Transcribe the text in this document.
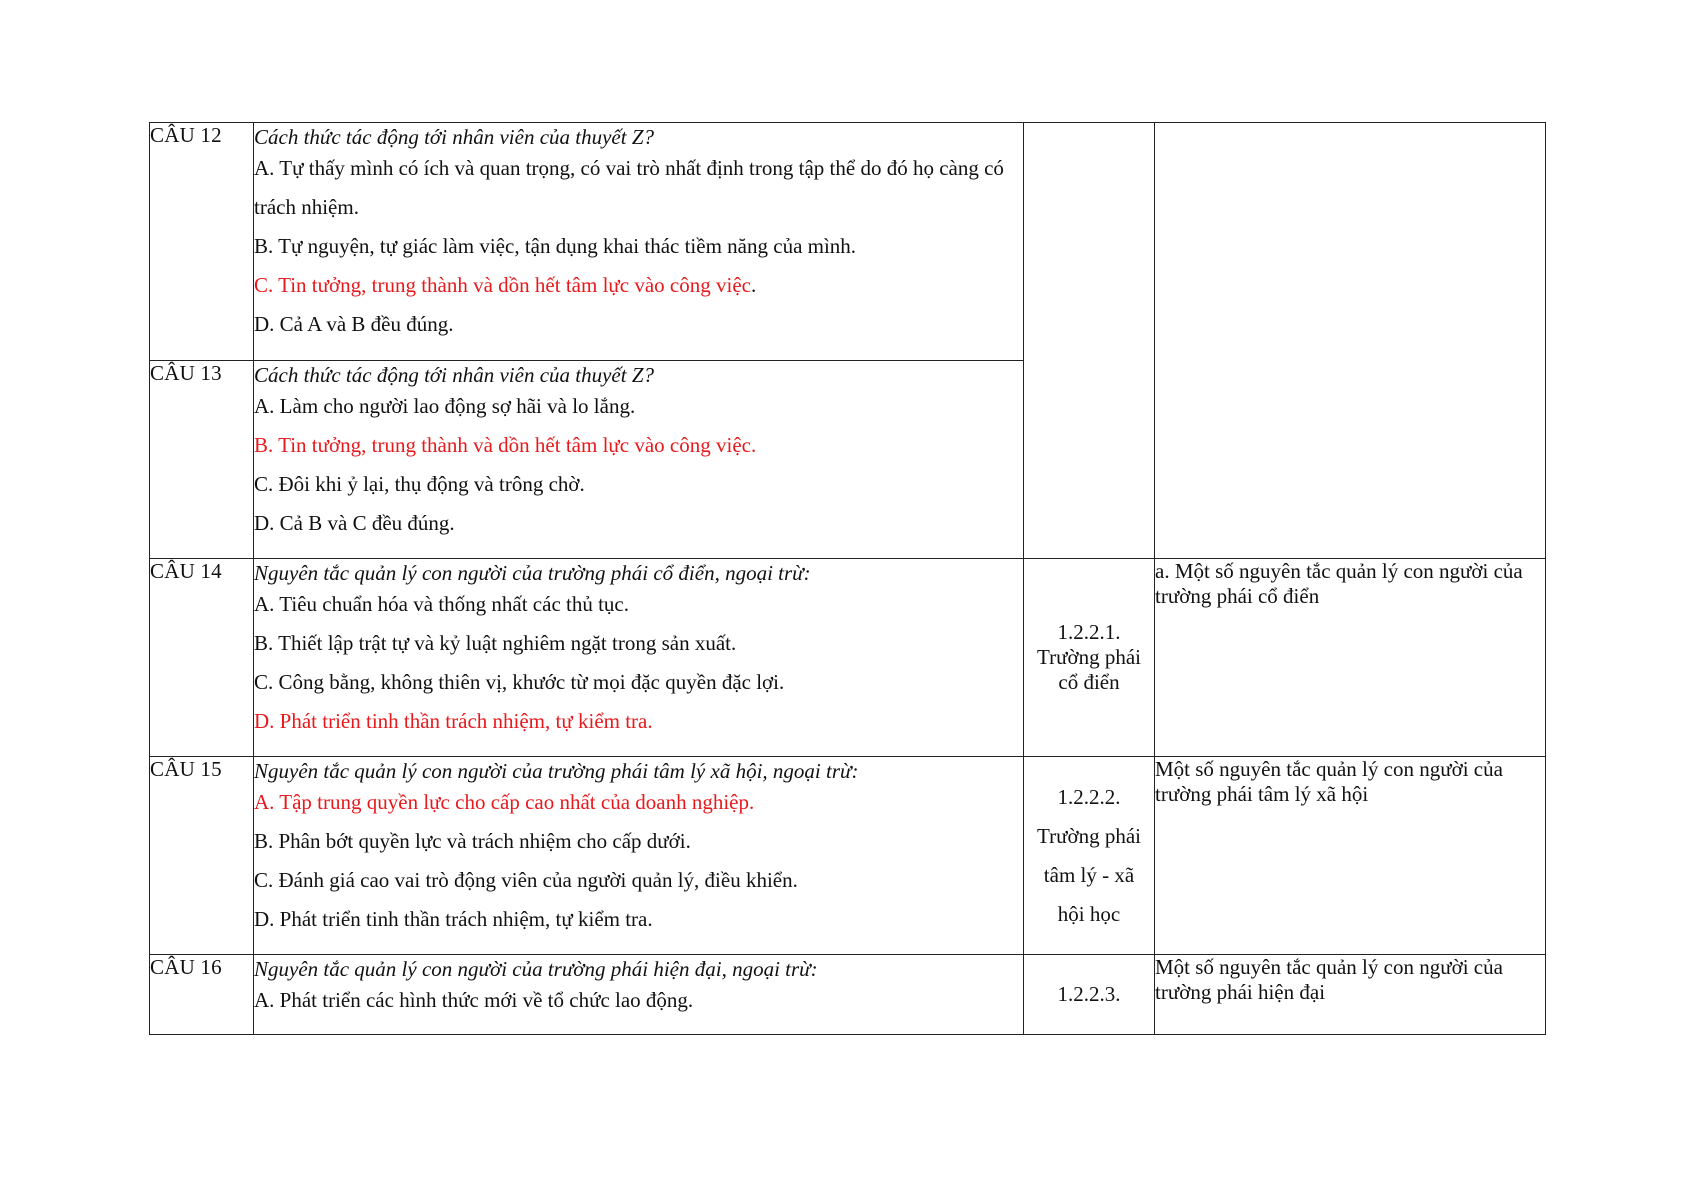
CÂU 12	Cách thức tác động tới nhân viên của thuyết Z?
A. Tự thấy mình có ích và quan trọng, có vai trò nhất định trong tập thể do đó họ càng có trách nhiệm.
B. Tự nguyện, tự giác làm việc, tận dụng khai thác tiềm năng của mình.
C. Tin tưởng, trung thành và dồn hết tâm lực vào công việc.
D. Cả A và B đều đúng.		

CÂU 13	Cách thức tác động tới nhân viên của thuyết Z?
A. Làm cho người lao động sợ hãi và lo lắng.
B. Tin tưởng, trung thành và dồn hết tâm lực vào công việc.
C. Đôi khi ỷ lại, thụ động và trông chờ.
D. Cả B và C đều đúng.		

CÂU 14	Nguyên tắc quản lý con người của trường phái cổ điển, ngoại trừ:
A. Tiêu chuẩn hóa và thống nhất các thủ tục.
B. Thiết lập trật tự và kỷ luật nghiêm ngặt trong sản xuất.
C. Công bằng, không thiên vị, khước từ mọi đặc quyền đặc lợi.
D. Phát triển tinh thần trách nhiệm, tự kiểm tra.	1.2.2.1. Trường phái cổ điển	a. Một số nguyên tắc quản lý con người của trường phái cổ điển

CÂU 15	Nguyên tắc quản lý con người của trường phái tâm lý xã hội, ngoại trừ:
A. Tập trung quyền lực cho cấp cao nhất của doanh nghiệp.
B. Phân bớt quyền lực và trách nhiệm cho cấp dưới.
C. Đánh giá cao vai trò động viên của người quản lý, điều khiển.
D. Phát triển tinh thần trách nhiệm, tự kiểm tra.	1.2.2.2. Trường phái tâm lý - xã hội học	Một số nguyên tắc quản lý con người của trường phái tâm lý xã hội

CÂU 16	Nguyên tắc quản lý con người của trường phái hiện đại, ngoại trừ:
A. Phát triển các hình thức mới về tổ chức lao động.	1.2.2.3.	Một số nguyên tắc quản lý con người của trường phái hiện đại
